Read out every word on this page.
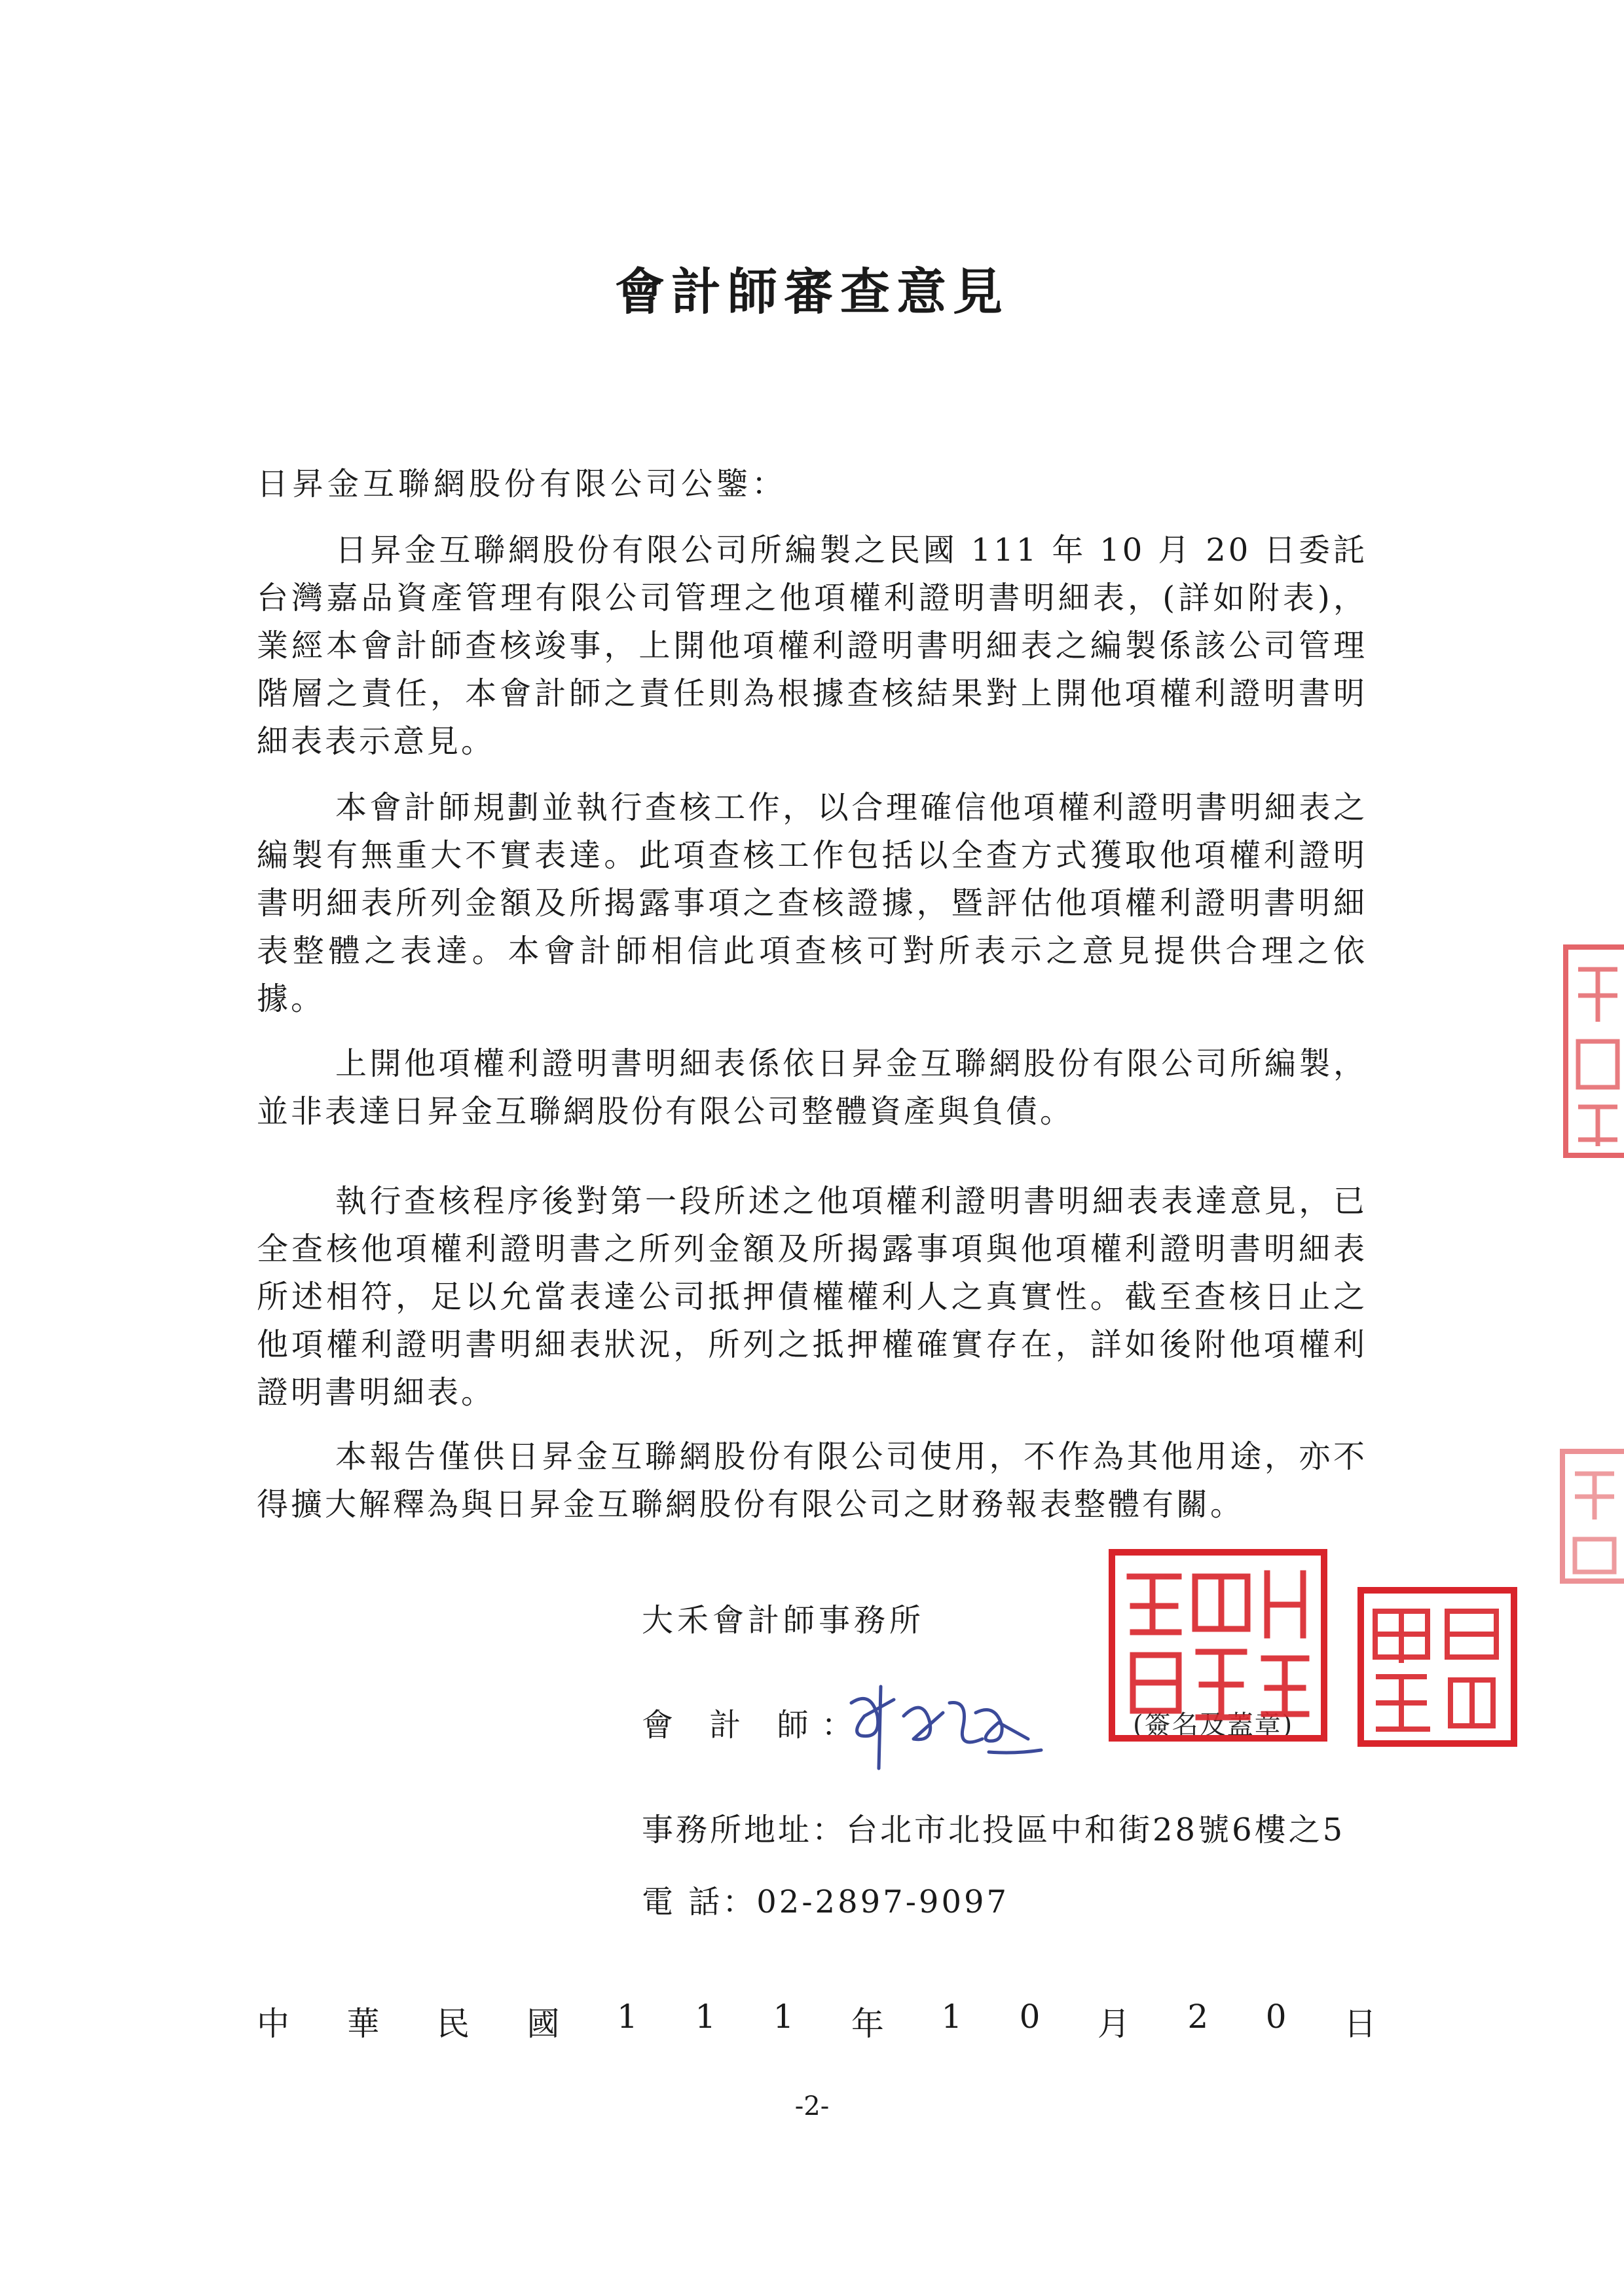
會計師審查意見
日昇金互聯網股份有限公司公鑒：
日昇金互聯網股份有限公司所編製之民國 111 年 10 月 20 日委託台灣嘉品資產管理有限公司管理之他項權利證明書明細表，(詳如附表)，業經本會計師查核竣事，上開他項權利證明書明細表之編製係該公司管理階層之責任，本會計師之責任則為根據查核結果對上開他項權利證明書明細表表示意見。
本會計師規劃並執行查核工作，以合理確信他項權利證明書明細表之編製有無重大不實表達。此項查核工作包括以全查方式獲取他項權利證明書明細表所列金額及所揭露事項之查核證據，暨評估他項權利證明書明細表整體之表達。本會計師相信此項查核可對所表示之意見提供合理之依據。
上開他項權利證明書明細表係依日昇金互聯網股份有限公司所編製，並非表達日昇金互聯網股份有限公司整體資產與負債。
執行查核程序後對第一段所述之他項權利證明書明細表表達意見，已全查核他項權利證明書之所列金額及所揭露事項與他項權利證明書明細表所述相符，足以允當表達公司抵押債權權利人之真實性。截至查核日止之他項權利證明書明細表狀況，所列之抵押權確實存在，詳如後附他項權利證明書明細表。
本報告僅供日昇金互聯網股份有限公司使用，不作為其他用途，亦不得擴大解釋為與日昇金互聯網股份有限公司之財務報表整體有關。
大禾會計師事務所
會 計 師：	(簽名及蓋章)
事務所地址：台北市北投區中和街28號6樓之5
電 話：02-2897-9097
中 華 民 國 1 1 1 年 1 0 月 2 0 日
-2-
